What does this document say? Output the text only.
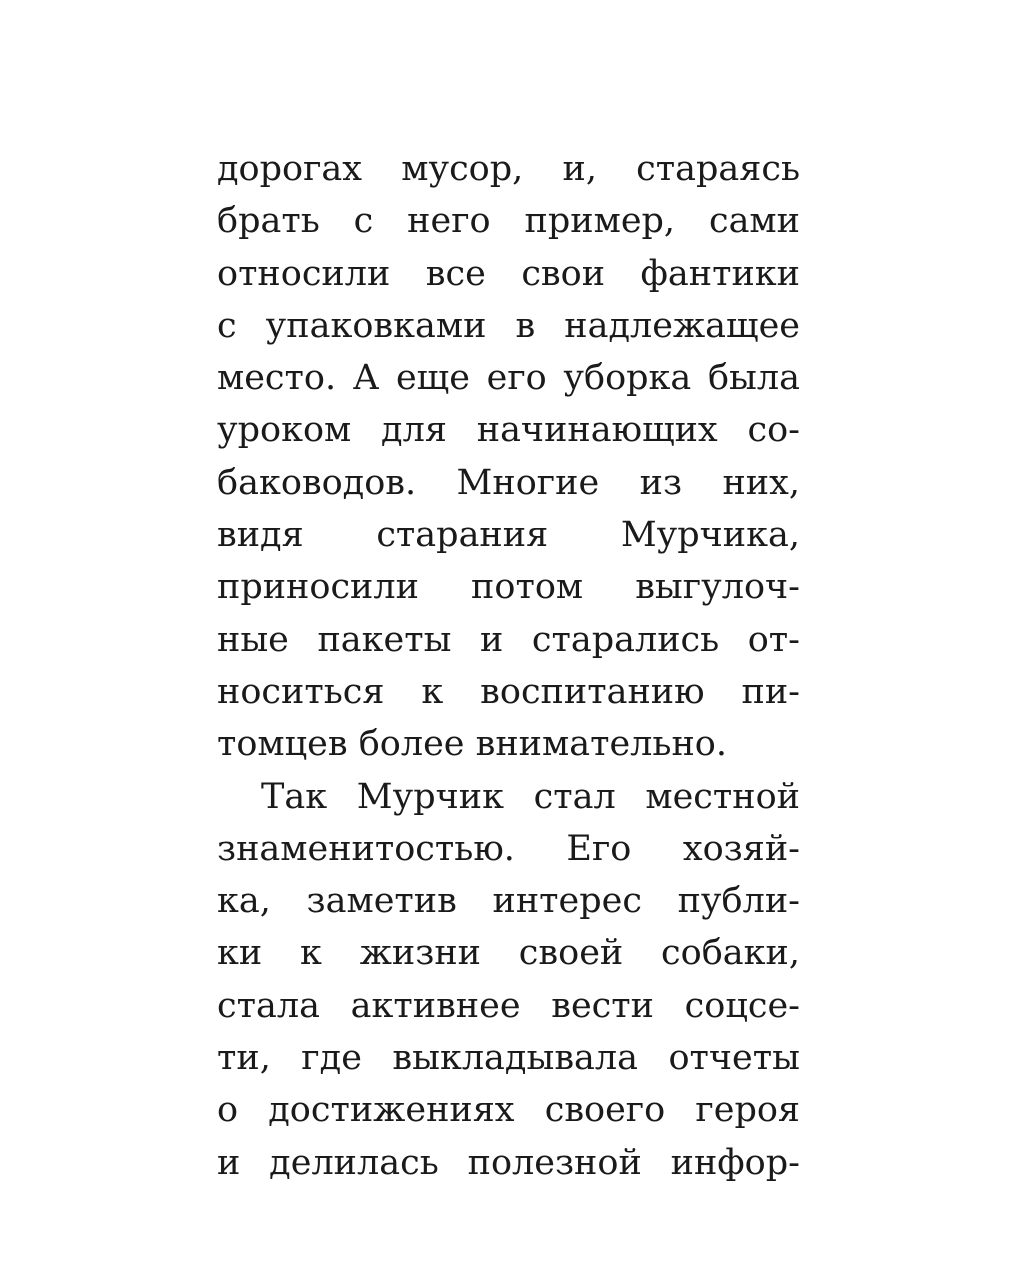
дорогах мусор, и, стараясь
брать с него пример, сами
относили все свои фантики
с упаковками в надлежащее
место. А еще его уборка была
уроком для начинающих со-
баководов. Многие из них,
видя старания Мурчика,
приносили потом выгулоч-
ные пакеты и старались от-
носиться к воспитанию пи-
томцев более внимательно.
Так Мурчик стал местной
знаменитостью. Его хозяй-
ка, заметив интерес публи-
ки к жизни своей собаки,
стала активнее вести соцсе-
ти, где выкладывала отчеты
о достижениях своего героя
и делилась полезной инфор-
